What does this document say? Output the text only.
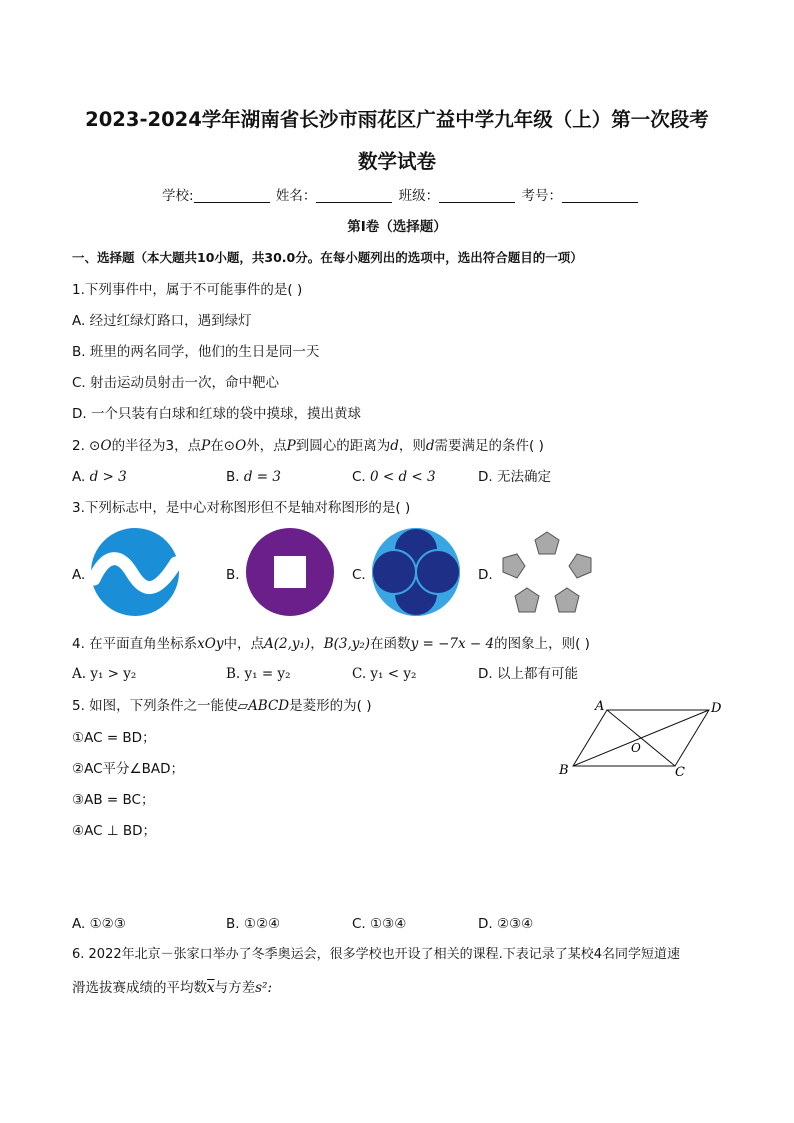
2023-2024学年湖南省长沙市雨花区广益中学九年级（上）第一次段考
数学试卷
学校:	姓名：	班级：	考号：
第I卷（选择题）
一、选择题（本大题共10小题，共30.0分。在每小题列出的选项中，选出符合题目的一项）
1.下列事件中，属于不可能事件的是( )
A. 经过红绿灯路口，遇到绿灯
B. 班里的两名同学，他们的生日是同一天
C. 射击运动员射击一次，命中靶心
D. 一个只装有白球和红球的袋中摸球，摸出黄球
2. ⊙O的半径为3，点P在⊙O外，点P到圆心的距离为d，则d需要满足的条件( )
A. d > 3	B. d = 3	C. 0 < d < 3	D. 无法确定
3.下列标志中，是中心对称图形但不是轴对称图形的是( )
A.	B.	C.	D.
4. 在平面直角坐标系xOy中，点A(2,y₁)，B(3,y₂)在函数y = −7x − 4的图象上，则( )
A. y₁ > y₂	B. y₁ = y₂	C. y₁ < y₂	D. 以上都有可能
5. 如图，下列条件之一能使▱ABCD是菱形的为( )
①AC = BD；
②AC平分∠BAD；
③AB = BC；
④AC ⊥ BD；
A	D
B	C
O
A. ①②③	B. ①②④	C. ①③④	D. ②③④
6. 2022年北京－张家口举办了冬季奥运会，很多学校也开设了相关的课程.下表记录了某校4名同学短道速
滑选拔赛成绩的平均数$\overline{x}$与方差s²:
